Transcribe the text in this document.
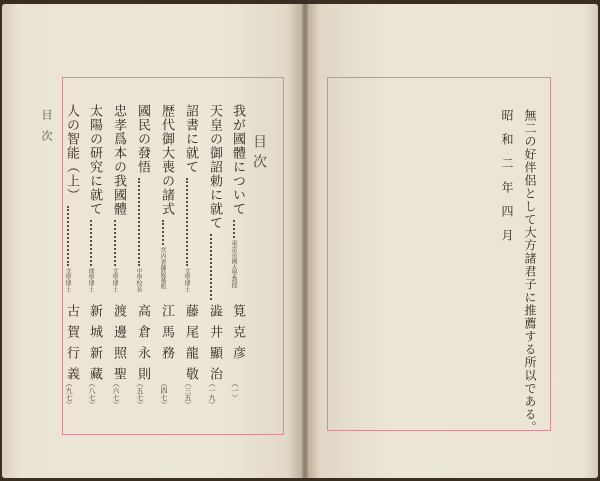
目次
目次
我が國體について
東京帝國大學教授
筧克彦
（一）
天皇の御詔勅に就て
澁井顯治
（一九）
詔書に就て
文學博士
藤尾龍敬
（三五）
歴代御大喪の諸式
宮内省御陵墓監
江馬務
（四七）
國民の發悟
中學校長
高倉永則
（五七）
忠孝爲本の我國體
文學博士
渡邊照聖
（六七）
太陽の研究に就て
理學博士
新城新藏
（八七）
人の智能（上）
文學博士
古賀行義
（九七）	無二の好伴侶として大方諸君子に推薦する所以である。
昭和二年四月
